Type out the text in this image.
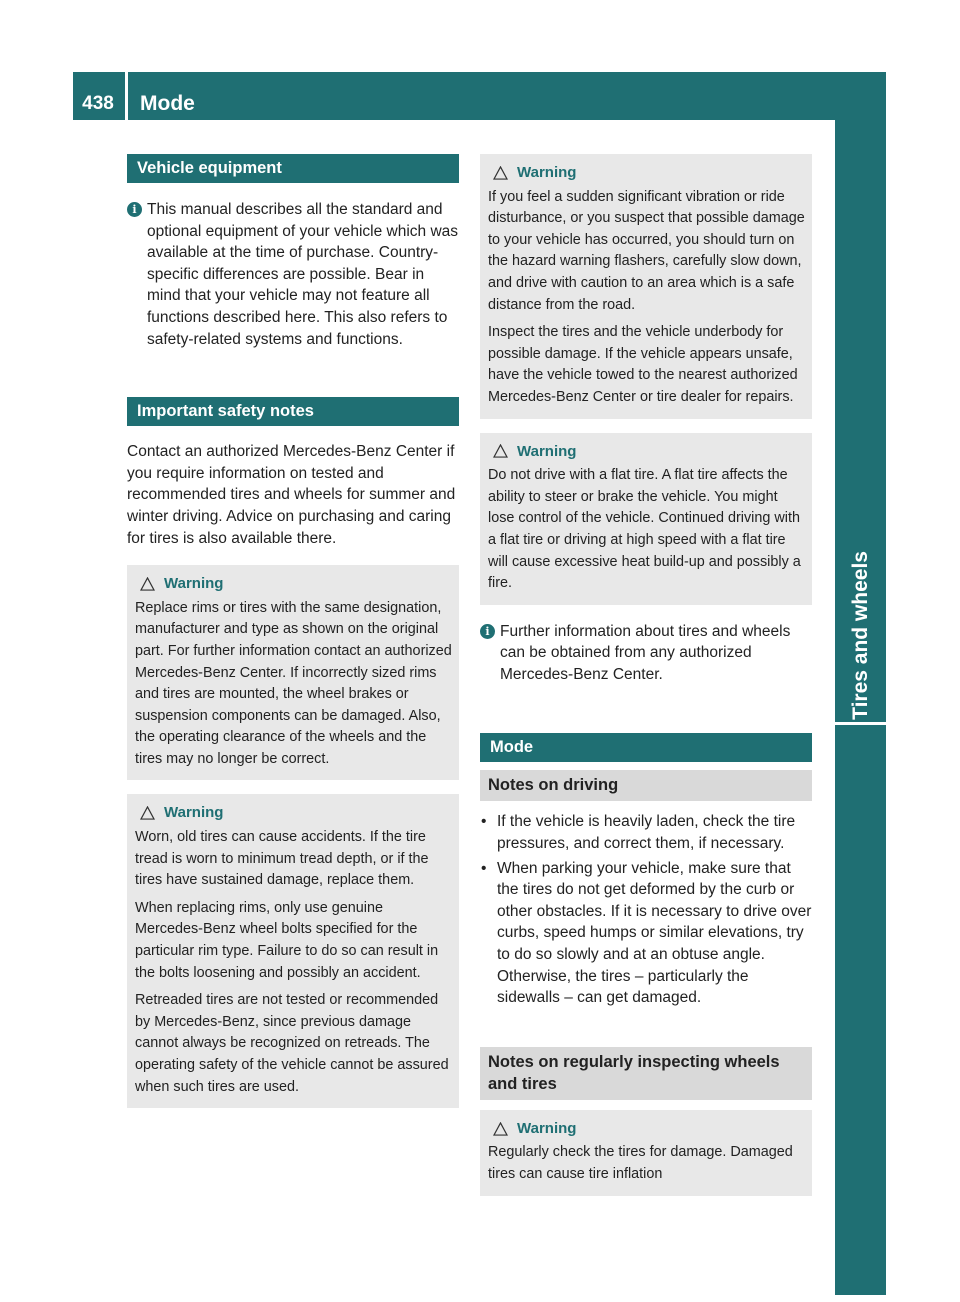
438	Mode
Tires and wheels
Vehicle equipment
i This manual describes all the standard and optional equipment of your vehicle which was available at the time of purchase. Country-specific differences are possible. Bear in mind that your vehicle may not feature all functions described here. This also refers to safety-related systems and functions.
Important safety notes
Contact an authorized Mercedes-Benz Center if you require information on tested and recommended tires and wheels for summer and winter driving. Advice on purchasing and caring for tires is also available there.
Warning

Replace rims or tires with the same designation, manufacturer and type as shown on the original part. For further information contact an authorized Mercedes-Benz Center. If incorrectly sized rims and tires are mounted, the wheel brakes or suspension components can be damaged. Also, the operating clearance of the wheels and the tires may no longer be correct.

Warning

Worn, old tires can cause accidents. If the tire tread is worn to minimum tread depth, or if the tires have sustained damage, replace them.

When replacing rims, only use genuine Mercedes-Benz wheel bolts specified for the particular rim type. Failure to do so can result in the bolts loosening and possibly an accident.

Retreaded tires are not tested or recommended by Mercedes-Benz, since previous damage cannot always be recognized on retreads. The operating safety of the vehicle cannot be assured when such tires are used.

Warning

If you feel a sudden significant vibration or ride disturbance, or you suspect that possible damage to your vehicle has occurred, you should turn on the hazard warning flashers, carefully slow down, and drive with caution to an area which is a safe distance from the road.

Inspect the tires and the vehicle underbody for possible damage. If the vehicle appears unsafe, have the vehicle towed to the nearest authorized Mercedes-Benz Center or tire dealer for repairs.

Warning

Do not drive with a flat tire. A flat tire affects the ability to steer or brake the vehicle. You might lose control of the vehicle. Continued driving with a flat tire or driving at high speed with a flat tire will cause excessive heat build-up and possibly a fire.

i Further information about tires and wheels can be obtained from any authorized Mercedes-Benz Center.
Mode
Notes on driving
• If the vehicle is heavily laden, check the tire pressures, and correct them, if necessary.
• When parking your vehicle, make sure that the tires do not get deformed by the curb or other obstacles. If it is necessary to drive over curbs, speed humps or similar elevations, try to do so slowly and at an obtuse angle. Otherwise, the tires – particularly the sidewalls – can get damaged.
Notes on regularly inspecting wheels and tires
Warning

Regularly check the tires for damage. Damaged tires can cause tire inflation
